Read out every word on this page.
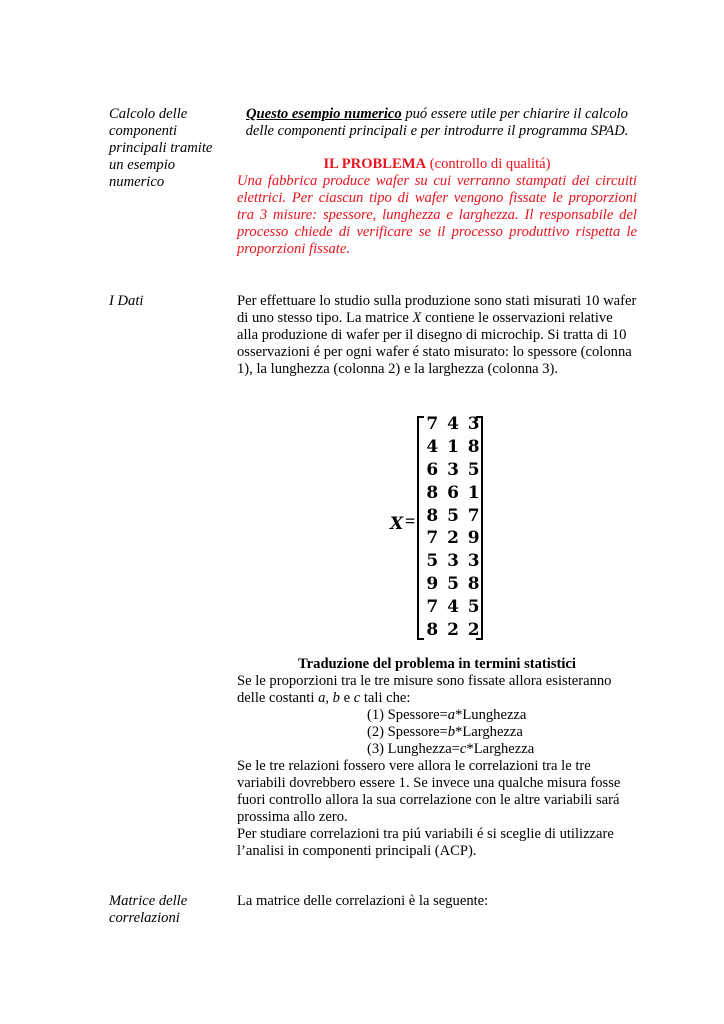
Calcolo delle
componenti
principali tramite
un esempio
numerico
Questo esempio numerico puó essere utile per chiarire il calcolo
delle componenti principali e per introdurre il programma SPAD.
IL PROBLEMA (controllo di qualitá)
Una fabbrica produce wafer su cui verranno stampati dei circuiti elettrici. Per ciascun tipo di wafer vengono fissate le proporzioni tra 3 misure: spessore, lunghezza e larghezza. Il responsabile del processo chiede di verificare se il processo produttivo rispetta le proporzioni fissate.
I Dati	Per effettuare lo studio sulla produzione sono stati misurati 10 wafer di uno stesso tipo. La matrice X contiene le osservazioni relative alla produzione di wafer per il disegno di microchip. Si tratta di 10 osservazioni é per ogni wafer é stato misurato: lo spessore (colonna 1), la lunghezza (colonna 2) e la larghezza (colonna 3).
X =
7 4 3
4 1 8
6 3 5
8 6 1
8 5 7
7 2 9
5 3 3
9 5 8
7 4 5
8 2 2
Traduzione del problema in termini statistici
Se le proporzioni tra le tre misure sono fissate allora esisteranno
delle costanti a, b e c tali che:
(1) Spessore=a*Lunghezza
(2) Spessore=b*Larghezza
(3) Lunghezza=c*Larghezza
Se le tre relazioni fossero vere allora le correlazioni tra le tre variabili dovrebbero essere 1. Se invece una qualche misura fosse fuori controllo allora la sua correlazione con le altre variabili sará prossima allo zero.
Per studiare correlazioni tra piú variabili é si sceglie di utilizzare l’analisi in componenti principali (ACP).
Matrice delle
correlazioni
La matrice delle correlazioni è la seguente:
